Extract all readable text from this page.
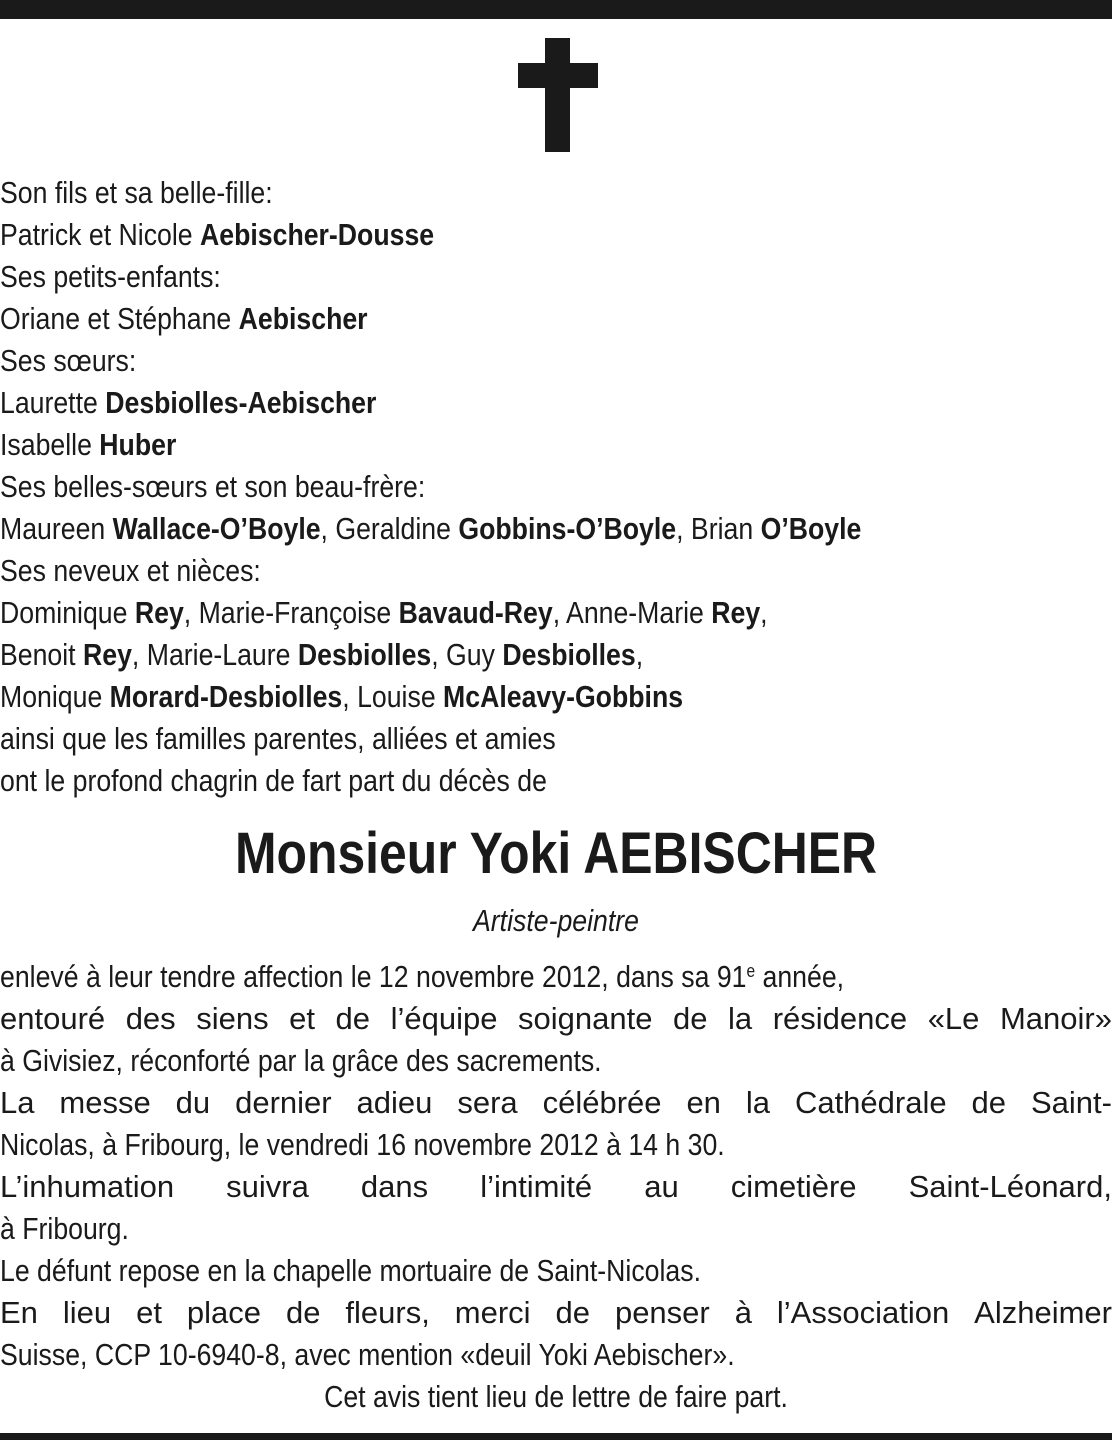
Son fils et sa belle-fille:
Patrick et Nicole Aebischer-Dousse
Ses petits-enfants:
Oriane et Stéphane Aebischer
Ses sœurs:
Laurette Desbiolles-Aebischer
Isabelle Huber
Ses belles-sœurs et son beau-frère:
Maureen Wallace-O’Boyle, Geraldine Gobbins-O’Boyle, Brian O’Boyle
Ses neveux et nièces:
Dominique Rey, Marie-Françoise Bavaud-Rey, Anne-Marie Rey,
Benoit Rey, Marie-Laure Desbiolles, Guy Desbiolles,
Monique Morard-Desbiolles, Louise McAleavy-Gobbins
ainsi que les familles parentes, alliées et amies
ont le profond chagrin de fart part du décès de
Monsieur Yoki AEBISCHER
Artiste-peintre
enlevé à leur tendre affection le 12 novembre 2012, dans sa 91e année,
entouré des siens et de l’équipe soignante de la résidence «Le Manoir»
à Givisiez, réconforté par la grâce des sacrements.
La messe du dernier adieu sera célébrée en la Cathédrale de Saint-
Nicolas, à Fribourg, le vendredi 16 novembre 2012 à 14 h 30.
L’inhumation suivra dans l’intimité au cimetière Saint-Léonard,
à Fribourg.
Le défunt repose en la chapelle mortuaire de Saint-Nicolas.
En lieu et place de fleurs, merci de penser à l’Association Alzheimer
Suisse, CCP 10-6940-8, avec mention «deuil Yoki Aebischer».
Cet avis tient lieu de lettre de faire part.
